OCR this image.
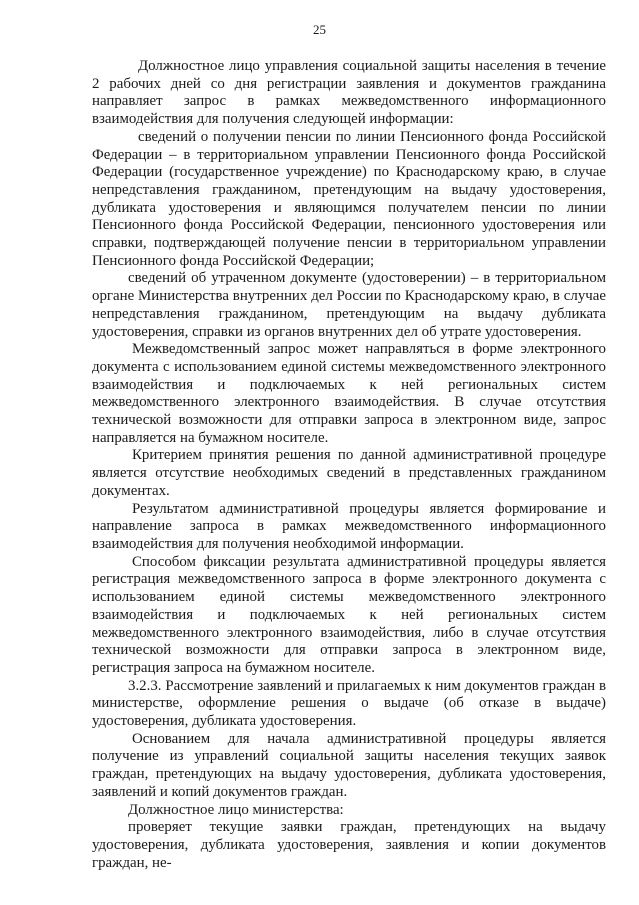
25

Должностное лицо управления социальной защиты населения в течение 2 рабочих дней со дня регистрации заявления и документов гражданина направляет запрос в рамках межведомственного информационного взаимодействия для получения следующей информации:

сведений о получении пенсии по линии Пенсионного фонда Российской Федерации – в территориальном управлении Пенсионного фонда Российской Федерации (государственное учреждение) по Краснодарскому краю, в случае непредставления гражданином, претендующим на выдачу удостоверения, дубликата удостоверения и являющимся получателем пенсии по линии Пенсионного фонда Российской Федерации, пенсионного удостоверения или справки, подтверждающей получение пенсии в территориальном управлении Пенсионного фонда Российской Федерации;

сведений об утраченном документе (удостоверении) – в территориальном органе Министерства внутренних дел России по Краснодарскому краю, в случае непредставления гражданином, претендующим на выдачу дубликата удостоверения, справки из органов внутренних дел об утрате удостоверения.

Межведомственный запрос может направляться в форме электронного документа с использованием единой системы межведомственного электронного взаимодействия и подключаемых к ней региональных систем межведомственного электронного взаимодействия. В случае отсутствия технической возможности для отправки запроса в электронном виде, запрос направляется на бумажном носителе.

Критерием принятия решения по данной административной процедуре является отсутствие необходимых сведений в представленных гражданином документах.

Результатом административной процедуры является формирование и направление запроса в рамках межведомственного информационного взаимодействия для получения необходимой информации.

Способом фиксации результата административной процедуры является регистрация межведомственного запроса в форме электронного документа с использованием единой системы межведомственного электронного взаимодействия и подключаемых к ней региональных систем межведомственного электронного взаимодействия, либо в случае отсутствия технической возможности для отправки запроса в электронном виде, регистрация запроса на бумажном носителе.

3.2.3. Рассмотрение заявлений и прилагаемых к ним документов граждан в министерстве, оформление решения о выдаче (об отказе в выдаче) удостоверения, дубликата удостоверения.

Основанием для начала административной процедуры является получение из управлений социальной защиты населения текущих заявок граждан, претендующих на выдачу удостоверения, дубликата удостоверения, заявлений и копий документов граждан.

Должностное лицо министерства:

проверяет текущие заявки граждан, претендующих на выдачу удостоверения, дубликата удостоверения, заявления и копии документов граждан, не-
